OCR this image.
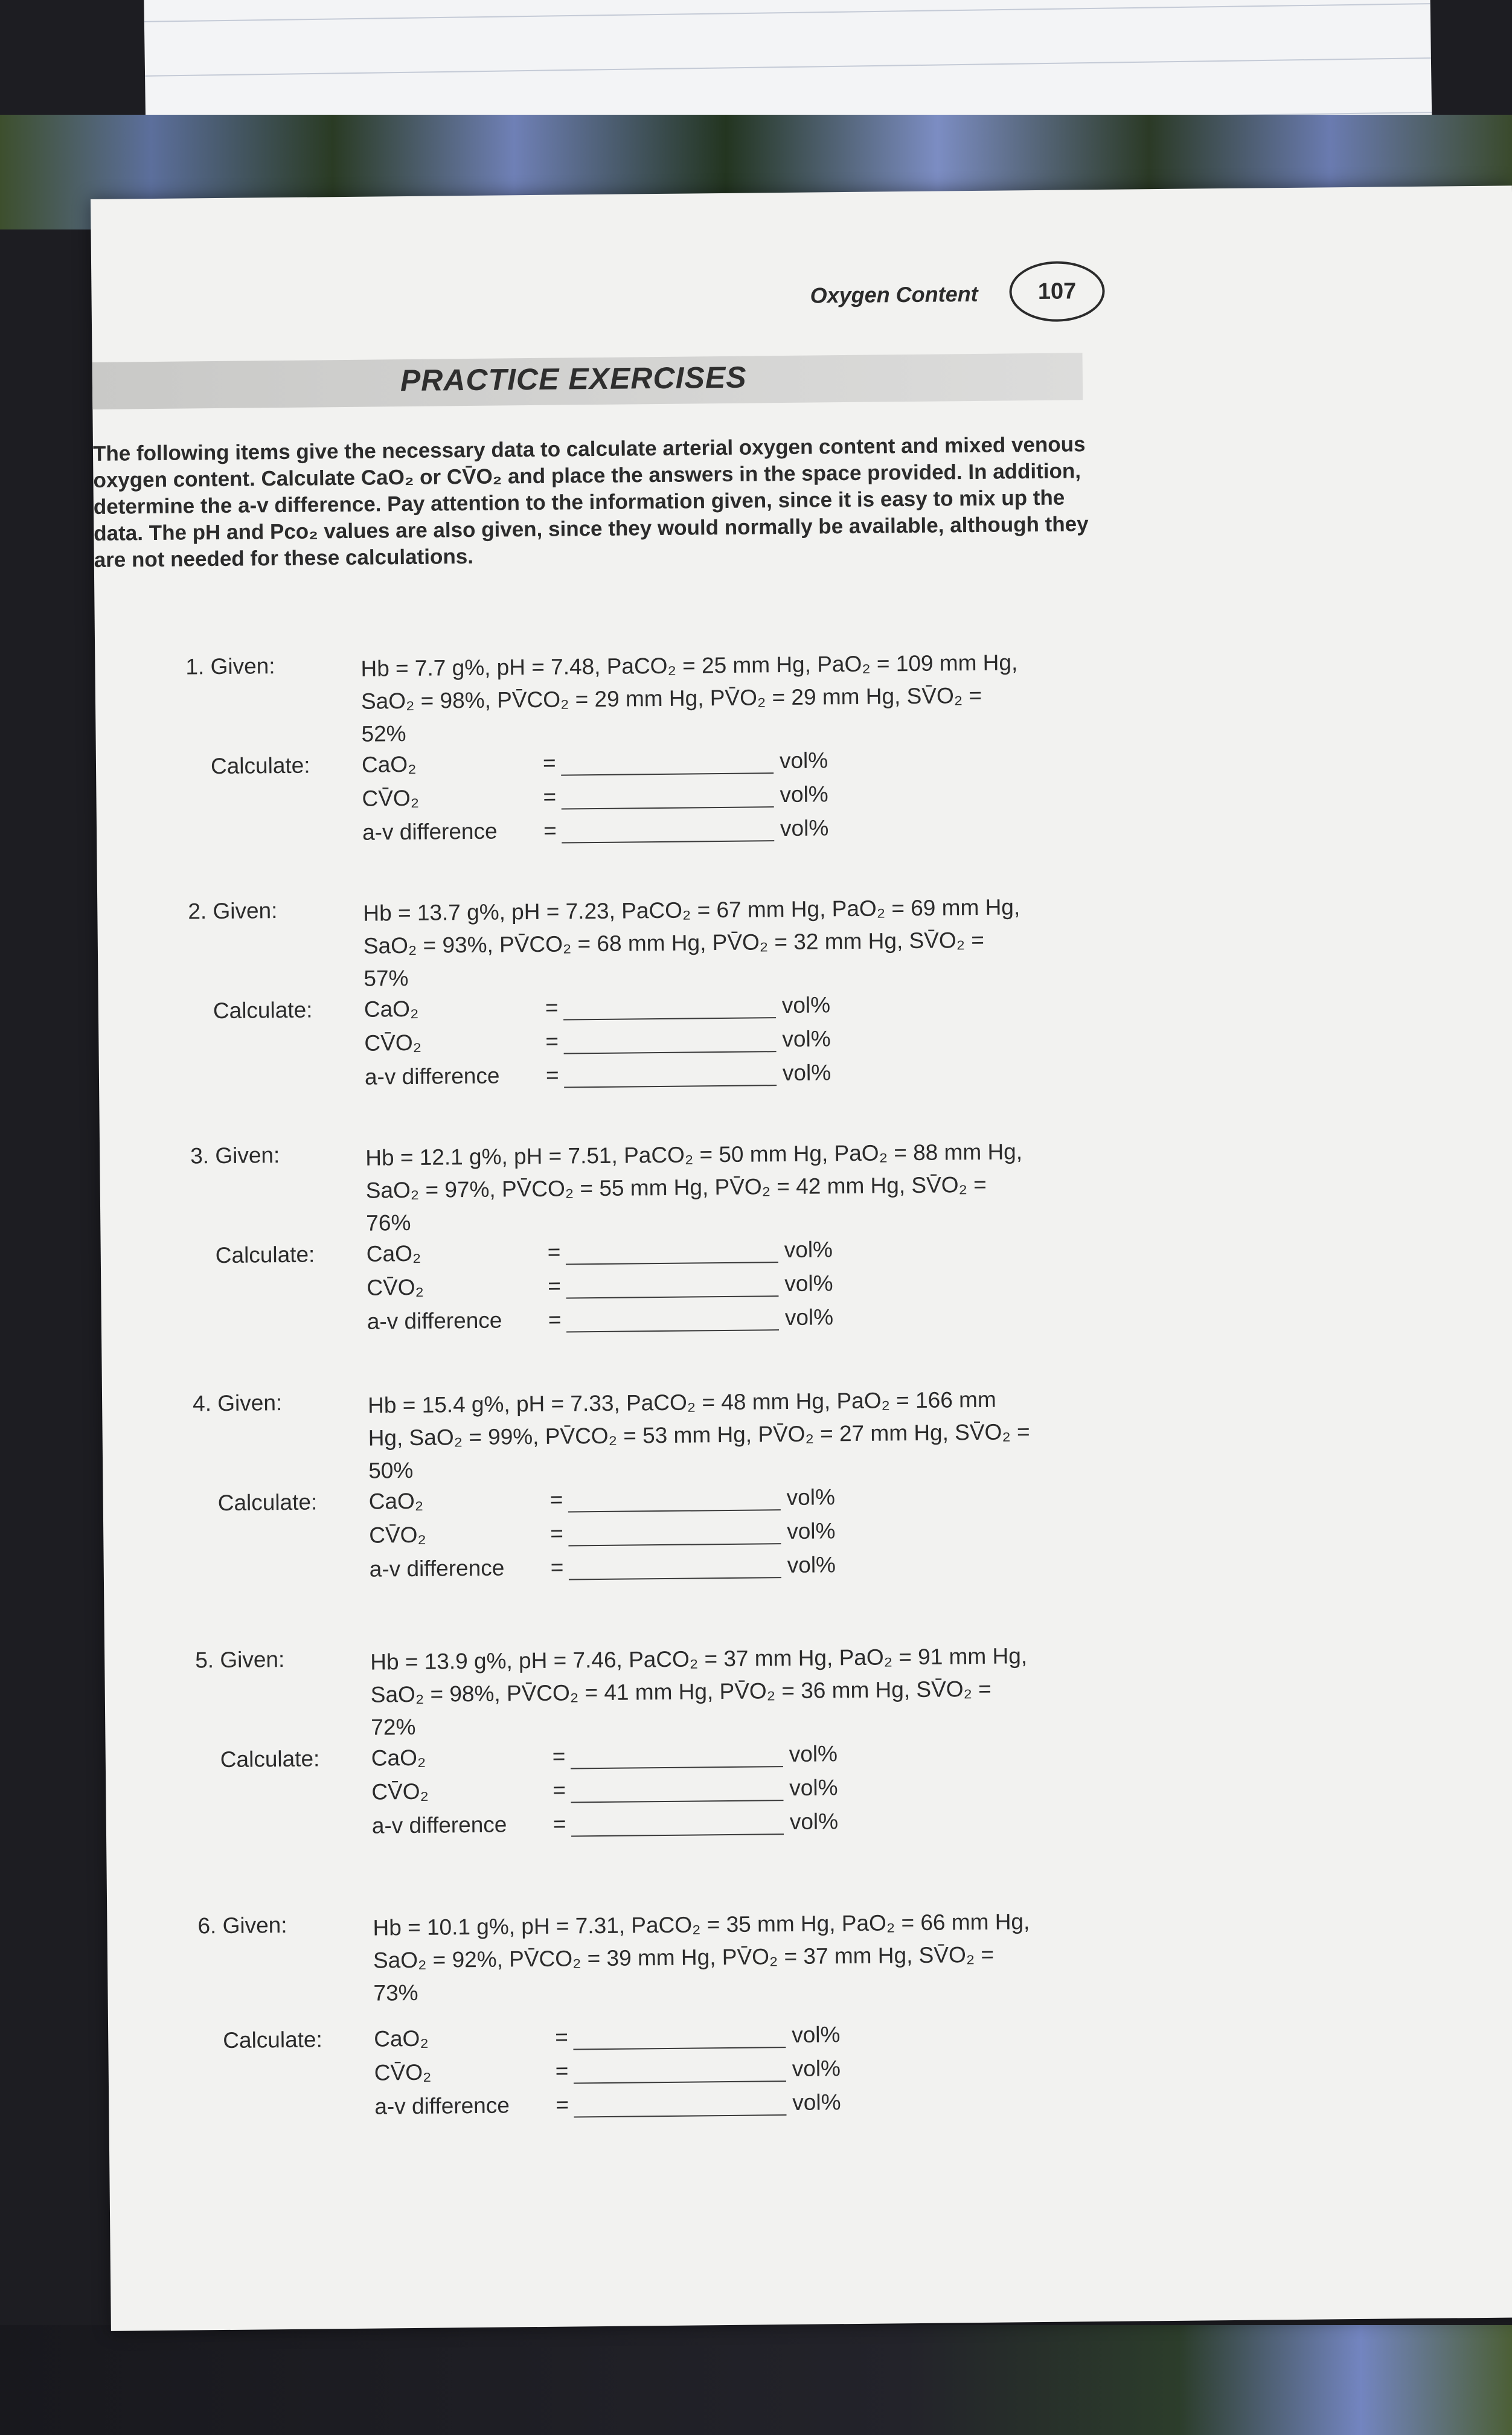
Oxygen Content	107
PRACTICE EXERCISES
The following items give the necessary data to calculate arterial oxygen content and mixed venous oxygen content. Calculate CaO₂ or CV̄O₂ and place the answers in the space provided. In addition, determine the a-v difference. Pay attention to the information given, since it is easy to mix up the data. The pH and Pco₂ values are also given, since they would normally be available, although they are not needed for these calculations.
1. Given:	Hb = 7.7 g%, pH = 7.48, PaCO₂ = 25 mm Hg, PaO₂ = 109 mm Hg,
SaO₂ = 98%, PV̄CO₂ = 29 mm Hg, PV̄O₂ = 29 mm Hg, SV̄O₂ =
52%
Calculate: CaO₂	=	vol%
CV̄O₂	=	vol%
a-v difference =	vol%
2. Given:	Hb = 13.7 g%, pH = 7.23, PaCO₂ = 67 mm Hg, PaO₂ = 69 mm Hg,
SaO₂ = 93%, PV̄CO₂ = 68 mm Hg, PV̄O₂ = 32 mm Hg, SV̄O₂ =
57%
Calculate: CaO₂	=	vol%
CV̄O₂	=	vol%
a-v difference =	vol%
3. Given:	Hb = 12.1 g%, pH = 7.51, PaCO₂ = 50 mm Hg, PaO₂ = 88 mm Hg,
SaO₂ = 97%, PV̄CO₂ = 55 mm Hg, PV̄O₂ = 42 mm Hg, SV̄O₂ =
76%
Calculate: CaO₂	=	vol%
CV̄O₂	=	vol%
a-v difference =	vol%
4. Given:	Hb = 15.4 g%, pH = 7.33, PaCO₂ = 48 mm Hg, PaO₂ = 166 mm
Hg, SaO₂ = 99%, PV̄CO₂ = 53 mm Hg, PV̄O₂ = 27 mm Hg, SV̄O₂ =
50%
Calculate: CaO₂	=	vol%
CV̄O₂	=	vol%
a-v difference =	vol%
5. Given:	Hb = 13.9 g%, pH = 7.46, PaCO₂ = 37 mm Hg, PaO₂ = 91 mm Hg,
SaO₂ = 98%, PV̄CO₂ = 41 mm Hg, PV̄O₂ = 36 mm Hg, SV̄O₂ =
72%
Calculate: CaO₂	=	vol%
CV̄O₂	=	vol%
a-v difference =	vol%
6. Given:	Hb = 10.1 g%, pH = 7.31, PaCO₂ = 35 mm Hg, PaO₂ = 66 mm Hg,
SaO₂ = 92%, PV̄CO₂ = 39 mm Hg, PV̄O₂ = 37 mm Hg, SV̄O₂ =
73%
Calculate: CaO₂	=	vol%
CV̄O₂	=	vol%
a-v difference =	vol%
